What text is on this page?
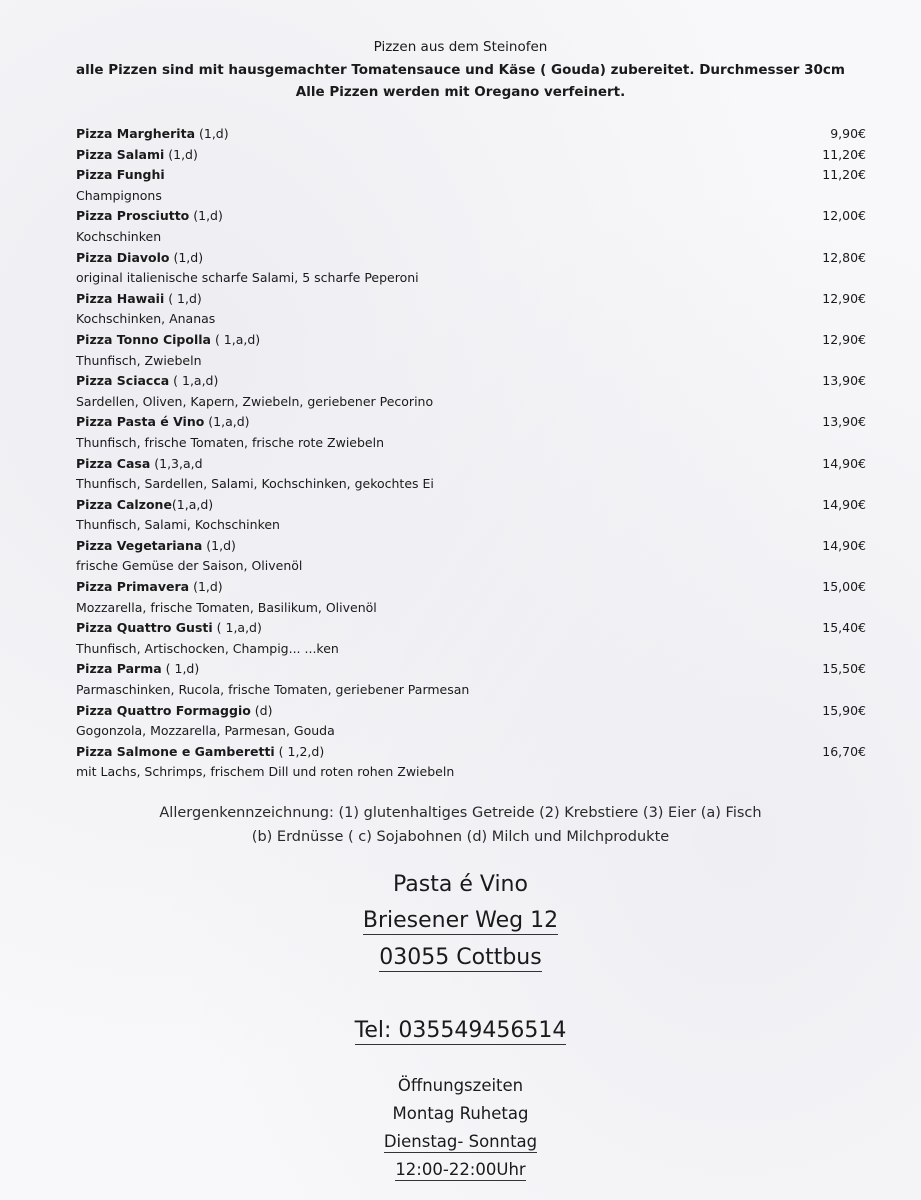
Pizzen aus dem Steinofen
alle Pizzen sind mit hausgemachter Tomatensauce und Käse ( Gouda) zubereitet. Durchmesser 30cm
Alle Pizzen werden mit Oregano verfeinert.
Pizza Margherita (1,d)	9,90€
Pizza Salami (1,d)	11,20€
Pizza Funghi	11,20€
Champignons
Pizza Prosciutto (1,d)	12,00€
Kochschinken
Pizza Diavolo (1,d)	12,80€
original italienische scharfe Salami, 5 scharfe Peperoni
Pizza Hawaii ( 1,d)	12,90€
Kochschinken, Ananas
Pizza Tonno Cipolla ( 1,a,d)	12,90€
Thunfisch, Zwiebeln
Pizza Sciacca ( 1,a,d)	13,90€
Sardellen, Oliven, Kapern, Zwiebeln, geriebener Pecorino
Pizza Pasta é Vino (1,a,d)	13,90€
Thunfisch, frische Tomaten, frische rote Zwiebeln
Pizza Casa (1,3,a,d	14,90€
Thunfisch, Sardellen, Salami, Kochschinken, gekochtes Ei
Pizza Calzone(1,a,d)	14,90€
Thunfisch, Salami, Kochschinken
Pizza Vegetariana (1,d)	14,90€
frische Gemüse der Saison, Olivenöl
Pizza Primavera (1,d)	15,00€
Mozzarella, frische Tomaten, Basilikum, Olivenöl
Pizza Quattro Gusti ( 1,a,d)	15,40€
Thunfisch, Artischocken, Champig... ...ken
Pizza Parma ( 1,d)	15,50€
Parmaschinken, Rucola, frische Tomaten, geriebener Parmesan
Pizza Quattro Formaggio (d)	15,90€
Gogonzola, Mozzarella, Parmesan, Gouda
Pizza Salmone e Gamberetti ( 1,2,d)	16,70€
mit Lachs, Schrimps, frischem Dill und roten rohen Zwiebeln
Allergenkennzeichnung: (1) glutenhaltiges Getreide (2) Krebstiere (3) Eier (a) Fisch
(b) Erdnüsse ( c) Sojabohnen (d) Milch und Milchprodukte
Pasta é Vino
Briesener Weg 12
03055 Cottbus
Tel: 035549456514
Öffnungszeiten
Montag Ruhetag
Dienstag- Sonntag
12:00-22:00Uhr
